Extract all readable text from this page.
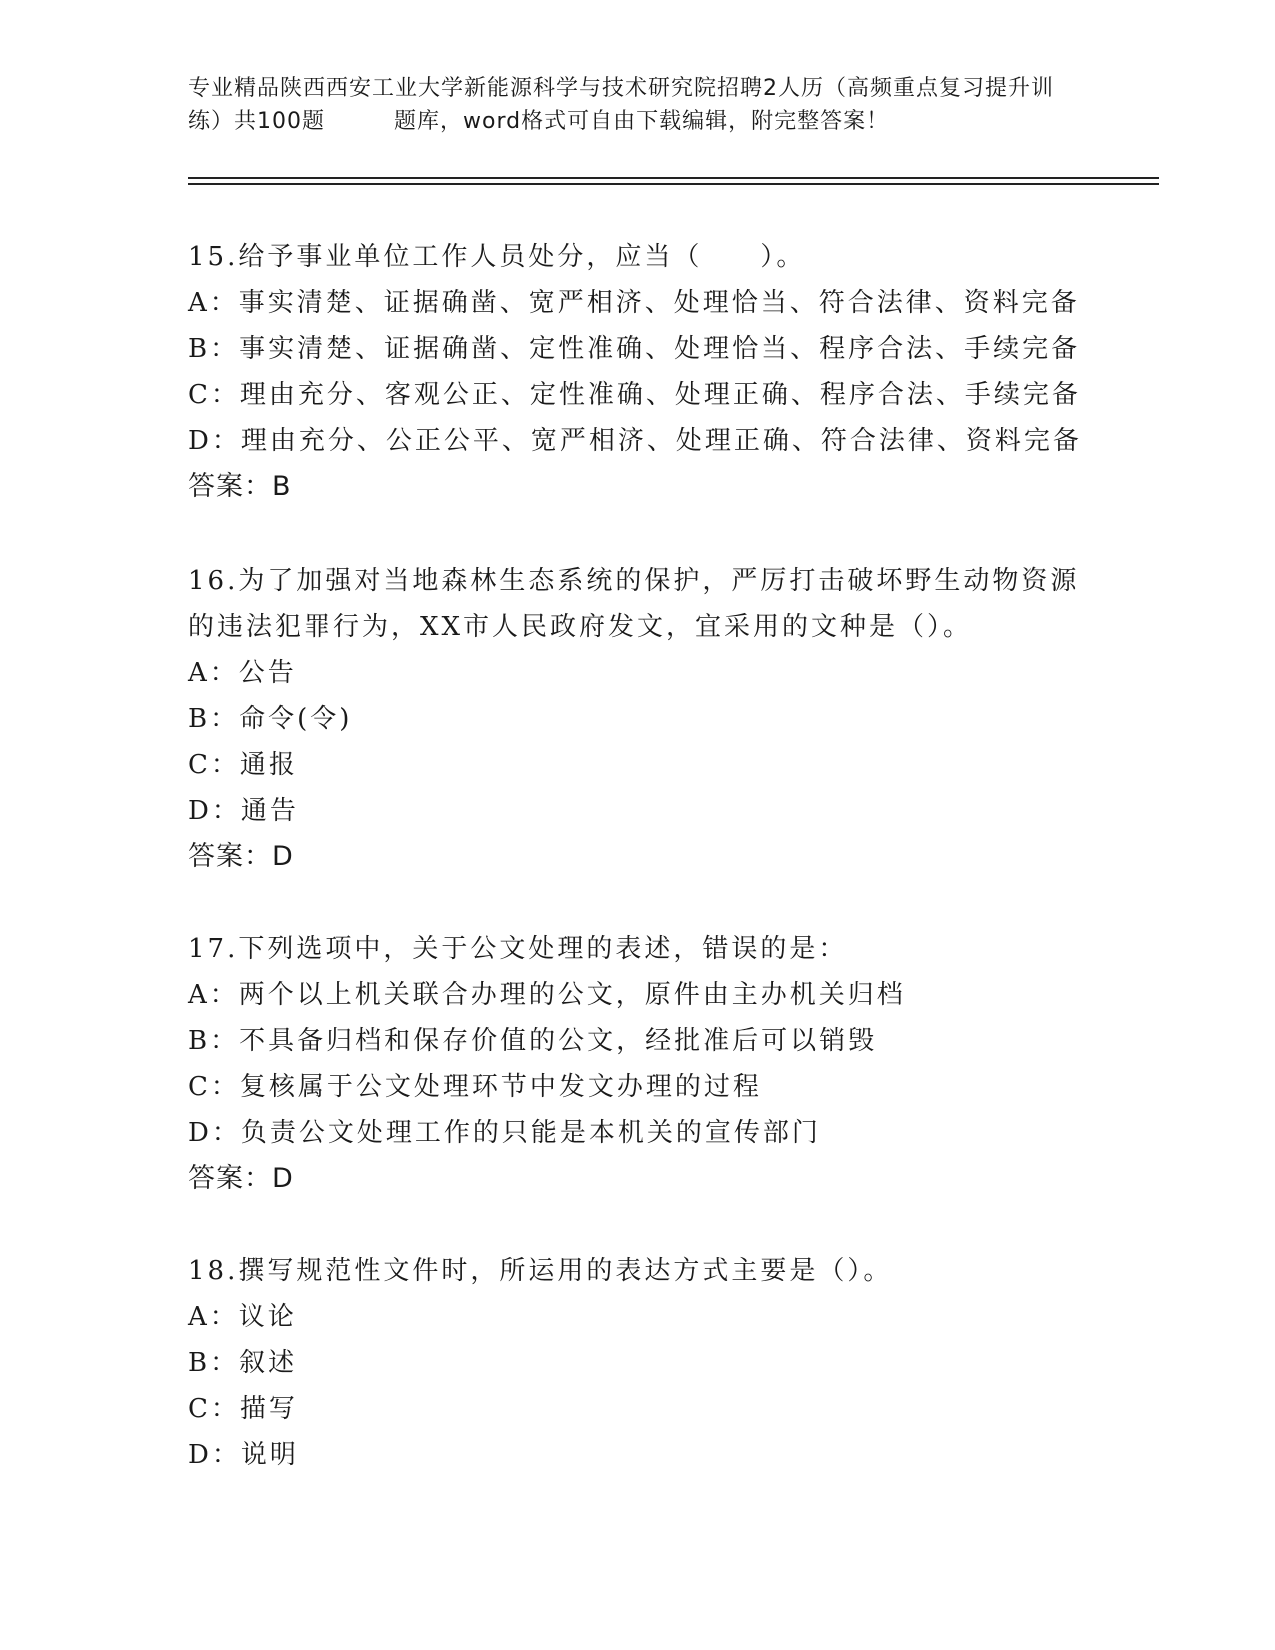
专业精品陕西西安工业大学新能源科学与技术研究院招聘2人历（高频重点复习提升训练）共100题　　　题库，word格式可自由下载编辑，附完整答案！
15.给予事业单位工作人员处分，应当（　　）。
A：事实清楚、证据确凿、宽严相济、处理恰当、符合法律、资料完备
B：事实清楚、证据确凿、定性准确、处理恰当、程序合法、手续完备
C：理由充分、客观公正、定性准确、处理正确、程序合法、手续完备
D：理由充分、公正公平、宽严相济、处理正确、符合法律、资料完备
答案：B
16.为了加强对当地森林生态系统的保护，严厉打击破坏野生动物资源的违法犯罪行为，XX市人民政府发文，宜采用的文种是（）。
A：公告
B：命令(令)
C：通报
D：通告
答案：D
17.下列选项中，关于公文处理的表述，错误的是：
A：两个以上机关联合办理的公文，原件由主办机关归档
B：不具备归档和保存价值的公文，经批准后可以销毁
C：复核属于公文处理环节中发文办理的过程
D：负责公文处理工作的只能是本机关的宣传部门
答案：D
18.撰写规范性文件时，所运用的表达方式主要是（）。
A：议论
B：叙述
C：描写
D：说明
